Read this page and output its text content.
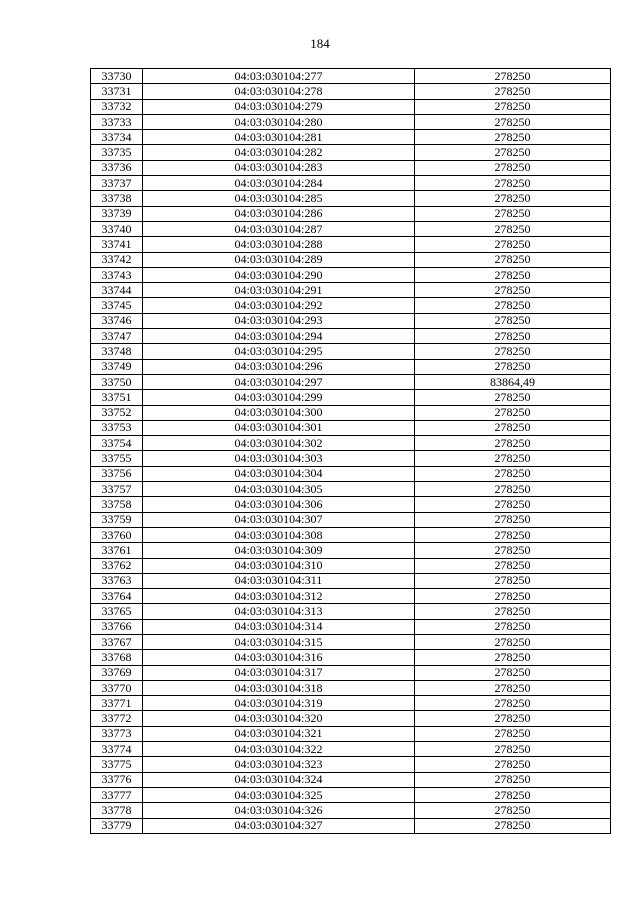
184
33730	04:03:030104:277	278250
33731	04:03:030104:278	278250
33732	04:03:030104:279	278250
33733	04:03:030104:280	278250
33734	04:03:030104:281	278250
33735	04:03:030104:282	278250
33736	04:03:030104:283	278250
33737	04:03:030104:284	278250
33738	04:03:030104:285	278250
33739	04:03:030104:286	278250
33740	04:03:030104:287	278250
33741	04:03:030104:288	278250
33742	04:03:030104:289	278250
33743	04:03:030104:290	278250
33744	04:03:030104:291	278250
33745	04:03:030104:292	278250
33746	04:03:030104:293	278250
33747	04:03:030104:294	278250
33748	04:03:030104:295	278250
33749	04:03:030104:296	278250
33750	04:03:030104:297	83864,49
33751	04:03:030104:299	278250
33752	04:03:030104:300	278250
33753	04:03:030104:301	278250
33754	04:03:030104:302	278250
33755	04:03:030104:303	278250
33756	04:03:030104:304	278250
33757	04:03:030104:305	278250
33758	04:03:030104:306	278250
33759	04:03:030104:307	278250
33760	04:03:030104:308	278250
33761	04:03:030104:309	278250
33762	04:03:030104:310	278250
33763	04:03:030104:311	278250
33764	04:03:030104:312	278250
33765	04:03:030104:313	278250
33766	04:03:030104:314	278250
33767	04:03:030104:315	278250
33768	04:03:030104:316	278250
33769	04:03:030104:317	278250
33770	04:03:030104:318	278250
33771	04:03:030104:319	278250
33772	04:03:030104:320	278250
33773	04:03:030104:321	278250
33774	04:03:030104:322	278250
33775	04:03:030104:323	278250
33776	04:03:030104:324	278250
33777	04:03:030104:325	278250
33778	04:03:030104:326	278250
33779	04:03:030104:327	278250
